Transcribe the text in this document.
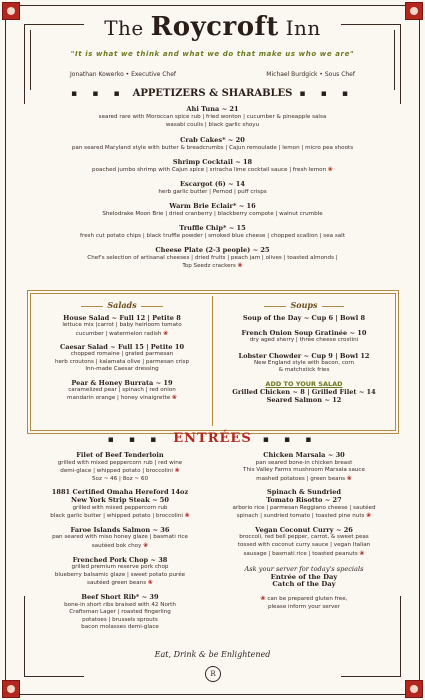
The Roycroft Inn
"It is what we think and what we do that make us who we are"
Jonathan Kowerko • Executive Chef	Michael Burdgick • Sous Chef
▪ ▪ ▪ APPETIZERS & SHARABLES ▪ ▪ ▪
Ahi Tuna ~ 21
seared rare with Moroccan spice rub | fried wonton | cucumber & pineapple salsa
wasabi coulis | black garlic shoyu
Crab Cakes* ~ 20
pan seared Maryland style with butter & breadcrumbs | Cajun remoulade | lemon | micro pea shoots
Shrimp Cocktail ~ 18
poached jumbo shrimp with Cajun spice | sriracha lime cocktail sauce | fresh lemon ❀
Escargot (6) ~ 14
herb garlic butter | Pernod | puff crisps
Warm Brie Eclair* ~ 16
Shelodrake Moon Brie | dried cranberry | blackberry compote | walnut crumble
Truffle Chip* ~ 15
fresh cut potato chips | black truffle powder | smoked blue cheese | chopped scallion | sea salt
Cheese Plate (2-3 people) ~ 25
Chef's selection of artisanal cheeses | dried fruits | peach jam | olives | toasted almonds |
Top Seedz crackers ❀
Salads
House Salad ~ Full 12 | Petite 8
lettuce mix |carrot | baby heirloom tomato
cucumber | watermelon radish ❀
Caesar Salad ~ Full 15 | Petite 10
chopped romaine | grated parmesan
herb croutons | kalamata olive | parmesan crisp
Inn-made Caesar dressing
Pear & Honey Burrata ~ 19
caramelized pear | spinach | red onion
mandarin orange | honey vinaigrette ❀
Soups
Soup of the Day ~ Cup 6 | Bowl 8
French Onion Soup Gratinée ~ 10
dry aged sherry | three cheese crostini
Lobster Chowder ~ Cup 9 | Bowl 12
New England style with bacon, corn
& matchstick fries
ADD TO YOUR SALAD
Grilled Chicken ~ 8 | Grilled Filet ~ 14
Seared Salmon ~ 12
▪ ▪ ▪ ENTRÉES ▪ ▪ ▪
Filet of Beef Tenderloin
grilled with mixed peppercorn rub | red wine
demi-glace | whipped potato | broccolini ❀
5oz ~ 46 | 8oz ~ 60
1881 Certified Omaha Hereford 14oz
New York Strip Steak ~ 50
grilled with mixed peppercorn rub
black garlic butter | whipped potato | broccolini ❀
Faroe Islands Salmon ~ 36
pan seared with miso honey glaze | basmati rice
sautéed bok choy ❀
Frenched Pork Chop ~ 38
grilled premium reserve pork chop
blueberry balsamic glaze | sweet potato purée
sautéed green beans ❀
Beef Short Rib* ~ 39
bone-in short ribs braised with 42 North
Craftsman Lager | roasted fingerling
potatoes | brussels sprouts
bacon molasses demi-glace
Chicken Marsala ~ 30
pan seared bone-in chicken breast
This Valley Farms mushroom Marsala sauce
mashed potatoes | green beans ❀
Spinach & Sundried
Tomato Risotto ~ 27
arborio rice | parmesan Reggiano cheese | sautéed
spinach | sundried tomato | toasted pine nuts ❀
Vegan Coconut Curry ~ 26
broccoli, red bell pepper, carrot, & sweet peas
tossed with coconut curry sauce | vegan Italian
sausage | basmati rice | toasted peanuts ❀
Ask your server for today's specials
Entrée of the Day
Catch of the Day
❀ can be prepared gluten free,
please inform your server
Eat, Drink & be Enlightened
R
